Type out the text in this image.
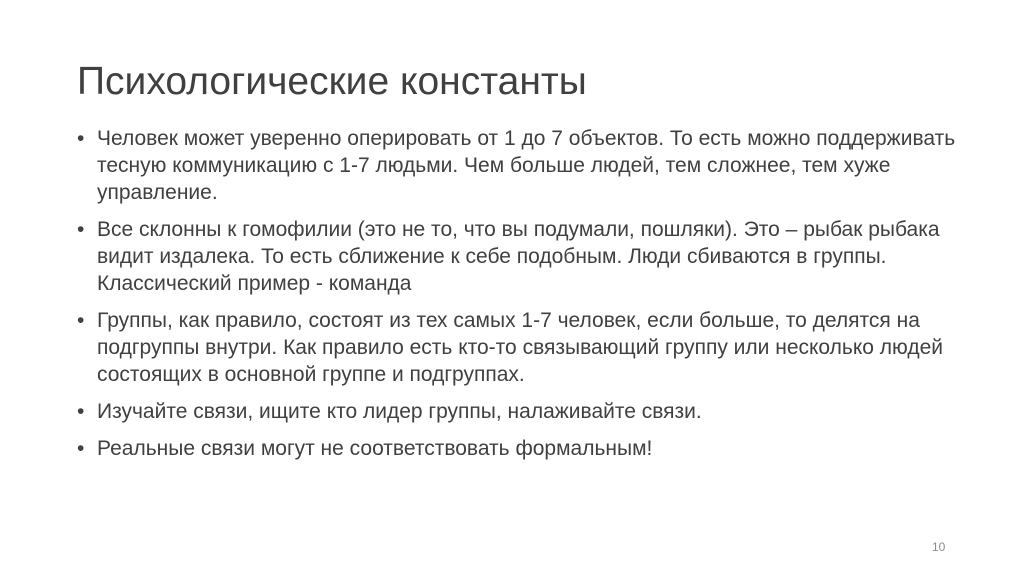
Психологические константы
• Человек может уверенно оперировать от 1 до 7 объектов. То есть можно поддерживать тесную коммуникацию с 1-7 людьми. Чем больше людей, тем сложнее, тем хуже управление.
• Все склонны к гомофилии (это не то, что вы подумали, пошляки). Это – рыбак рыбака видит издалека. То есть сближение к себе подобным. Люди сбиваются в группы. Классический пример - команда
• Группы, как правило, состоят из тех самых 1-7 человек, если больше, то делятся на подгруппы внутри. Как правило есть кто-то связывающий группу или несколько людей состоящих в основной группе и подгруппах.
• Изучайте связи, ищите кто лидер группы, налаживайте связи.
• Реальные связи могут не соответствовать формальным!
10
